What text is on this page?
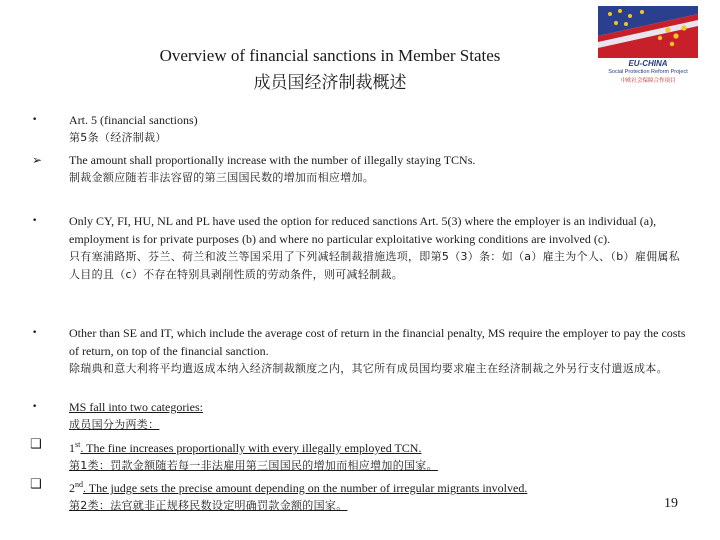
Overview of financial sanctions in Member States
成员国经济制裁概述
EU-CHINA
Social Protection Reform Project
中欧社会保障合作项目
•	Art. 5 (financial sanctions)
第5条（经济制裁）
➢ The amount shall proportionally increase with the number of illegally staying TCNs.
制裁金额应随若非法容留的第三国国民数的增加而相应增加。
•	Only CY, FI, HU, NL and PL have used the option for reduced sanctions Art. 5(3) where the employer is an individual (a), employment is for private purposes (b) and where no particular exploitative working conditions are involved (c).
只有塞浦路斯、芬兰、荷兰和波兰等国采用了下列减轻制裁措施选项，即第5（3）条：如（a）雇主为个人、（b）雇佣属私人目的且（c）不存在特别具剥削性质的劳动条件，则可减轻制裁。
•	Other than SE and IT, which include the average cost of return in the financial penalty, MS require the employer to pay the costs of return, on top of the financial sanction.
除瑞典和意大利将平均遣返成本纳入经济制裁额度之内，其它所有成员国均要求雇主在经济制裁之外另行支付遣返成本。
•	MS fall into two categories:
成员国分为两类：
❑ 1st. The fine increases proportionally with every illegally employed TCN.
第1类：罚款金额随若每一非法雇用第三国国民的增加而相应增加的国家。
❑ 2nd. The judge sets the precise amount depending on the number of irregular migrants involved.
第2类：法官就非正规移民数设定明确罚款金额的国家。	19
